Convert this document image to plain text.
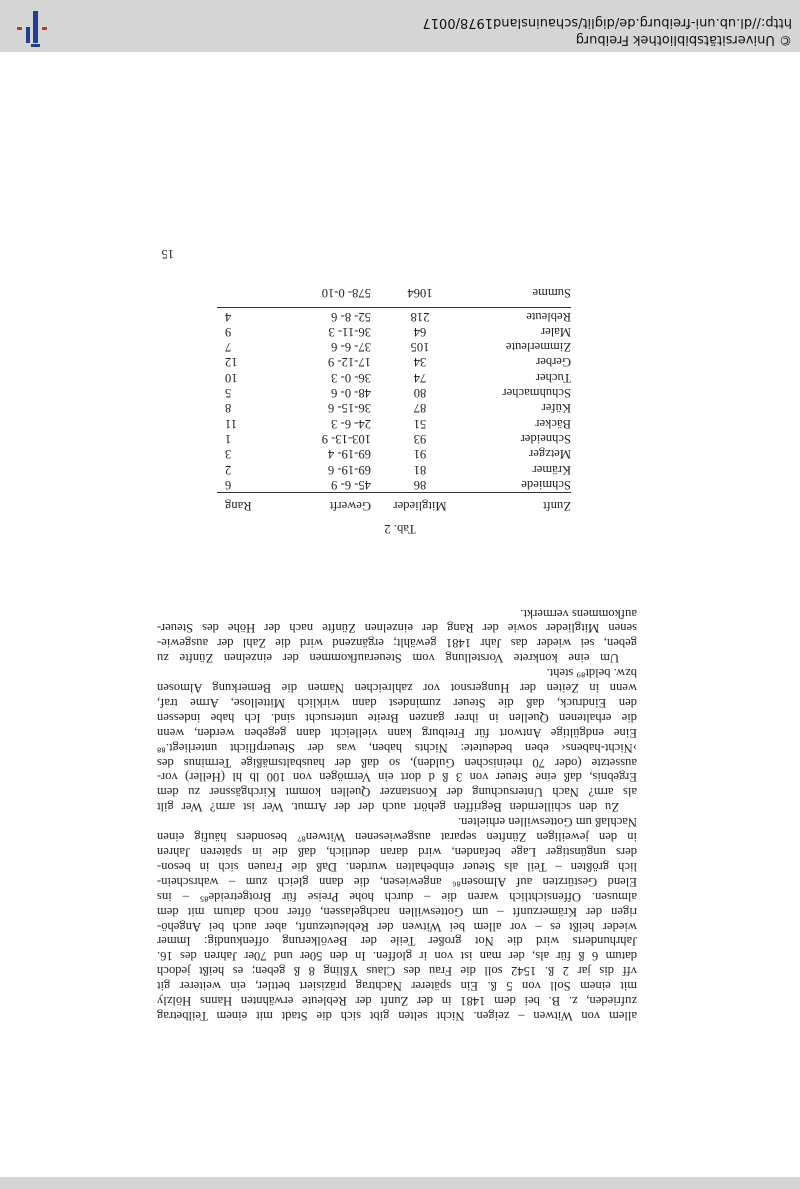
allem von Witwen – zeigen. Nicht selten gibt sich die Stadt mit einem Teilbetrag
zufrieden, z. B. bei dem 1481 in der Zunft der Rebleute erwähnten Hanns Hölzly
mit einem Soll von 5 ß. Ein späterer Nachtrag präzisiert bettler, ein weiterer git
vff dis jar 2 ß. 1542 soll die Frau des Claus Yßling 8 ß geben; es heißt jedoch
datum 6 ß für als, der man ist von ir gloffen. In den 50er und 70er Jahren des 16.
Jahrhunderts wird die Not großer Teile der Bevölkerung offenkundig: Immer
wieder heißt es – vor allem bei Witwen der Rebleutezunft, aber auch bei Angehö-
rigen der Krämerzunft – um Gotteswillen nachgelassen, öfter noch datum mit dem
almusen. Offensichtlich waren die – durch hohe Preise für Brotgetreide⁸⁵ – ins
Elend Gestürzten auf Almosen⁸⁶ angewiesen, die dann gleich zum – wahrschein-
lich größten – Teil als Steuer einbehalten wurden. Daß die Frauen sich in beson-
ders ungünstiger Lage befanden, wird daran deutlich, daß die in späteren Jahren
in den jeweiligen Zünften separat ausgewiesenen Witwen⁸⁷ besonders häufig einen
Nachlaß um Gotteswillen erhielten.
Zu den schillernden Begriffen gehört auch der der Armut. Wer ist arm? Wer gilt
als arm? Nach Untersuchung der Konstanzer Quellen kommt Kirchgässner zu dem
Ergebnis, daß eine Steuer von 3 ß d dort ein Vermögen von 100 lb hl (Heller) vor-
aussetzte (oder 70 rheinischen Gulden), so daß der hausbaltsmäßige Terminus des
›Nicht-habens‹ eben bedeutete: Nichts haben, was der Steuerpflicht unterliegt.⁸⁸
Eine endgültige Antwort für Freiburg kann vielleicht dann gegeben werden, wenn
die erhaltenen Quellen in ihrer ganzen Breite untersucht sind. Ich habe indessen
den Eindruck, daß die Steuer zumindest dann wirklich Mittellose, Arme traf,
wenn in Zeiten der Hungersnot vor zahlreichen Namen die Bemerkung Almosen
bzw. beldt⁸⁹ steht.
Um eine konkrete Vorstellung vom Steueraufkommen der einzelnen Zünfte zu
geben, sei wieder das Jahr 1481 gewählt; ergänzend wird die Zahl der ausgewie-
senen Mitglieder sowie der Rang der einzelnen Zünfte nach der Höhe des Steuer-
aufkommens vermerkt.
Tab. 2
Zunft	Mitglieder	Gewerft	Rang
Schmiede	86	45- 6- 9	6
Krämer	81	69-19- 6	2
Metzger	91	69-19- 4	3
Schneider	93	103-13- 9	1
Bäcker	51	24- 6- 3	11
Küfer	87	36-15- 6	8
Schuhmacher	80	48- 0- 6	5
Tucher	74	36- 0- 3	10
Gerber	34	17-12- 9	12
Zimmerleute	105	37- 6- 6	7
Maler	64	36-11- 3	9
Rebleute	218	52- 8- 6	4
Summe	1064	578- 0-10	
15
© Universitätsbibliothek Freiburg
http://dl.ub.uni-freiburg.de/diglit/schauinsland1978/0017
